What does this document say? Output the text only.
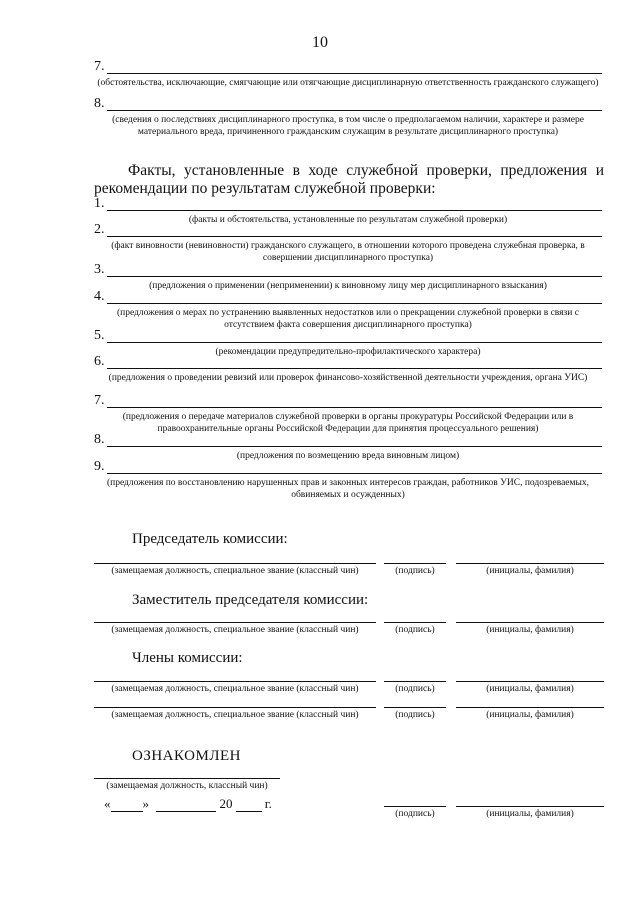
10
7.
(обстоятельства, исключающие, смягчающие или отягчающие дисциплинарную ответственность гражданского служащего)
8.
(сведения о последствиях дисциплинарного проступка, в том числе о предполагаемом наличии, характере и размере материального вреда, причиненного гражданским служащим в результате дисциплинарного проступка)
Факты, установленные в ходе служебной проверки, предложения и рекомендации по результатам служебной проверки:
1.
(факты и обстоятельства, установленные по результатам служебной проверки)
2.
(факт виновности (невиновности) гражданского служащего, в отношении которого проведена служебная проверка, в совершении дисциплинарного проступка)
3.
(предложения о применении (неприменении) к виновному лицу мер дисциплинарного взыскания)
4.
(предложения о мерах по устранению выявленных недостатков или о прекращении служебной проверки в связи с отсутствием факта совершения дисциплинарного проступка)
5.
(рекомендации предупредительно-профилактического характера)
6.
(предложения о проведении ревизий или проверок финансово-хозяйственной деятельности учреждения, органа УИС)
7.
(предложения о передаче материалов служебной проверки в органы прокуратуры Российской Федерации или в правоохранительные органы Российской Федерации для принятия процессуального решения)
8.
(предложения по возмещению вреда виновным лицом)
9.
(предложения по восстановлению нарушенных прав и законных интересов граждан, работников УИС, подозреваемых, обвиняемых и осужденных)
Председатель комиссии:
(замещаемая должность, специальное звание (классный чин)	(подпись)	(инициалы, фамилия)
Заместитель председателя комиссии:
(замещаемая должность, специальное звание (классный чин)	(подпись)	(инициалы, фамилия)
Члены комиссии:
(замещаемая должность, специальное звание (классный чин)	(подпись)	(инициалы, фамилия)
(замещаемая должность, специальное звание (классный чин)	(подпись)	(инициалы, фамилия)
ОЗНАКОМЛЕН
(замещаемая должность, классный чин)
« »	20 г.
(подпись)	(инициалы, фамилия)
